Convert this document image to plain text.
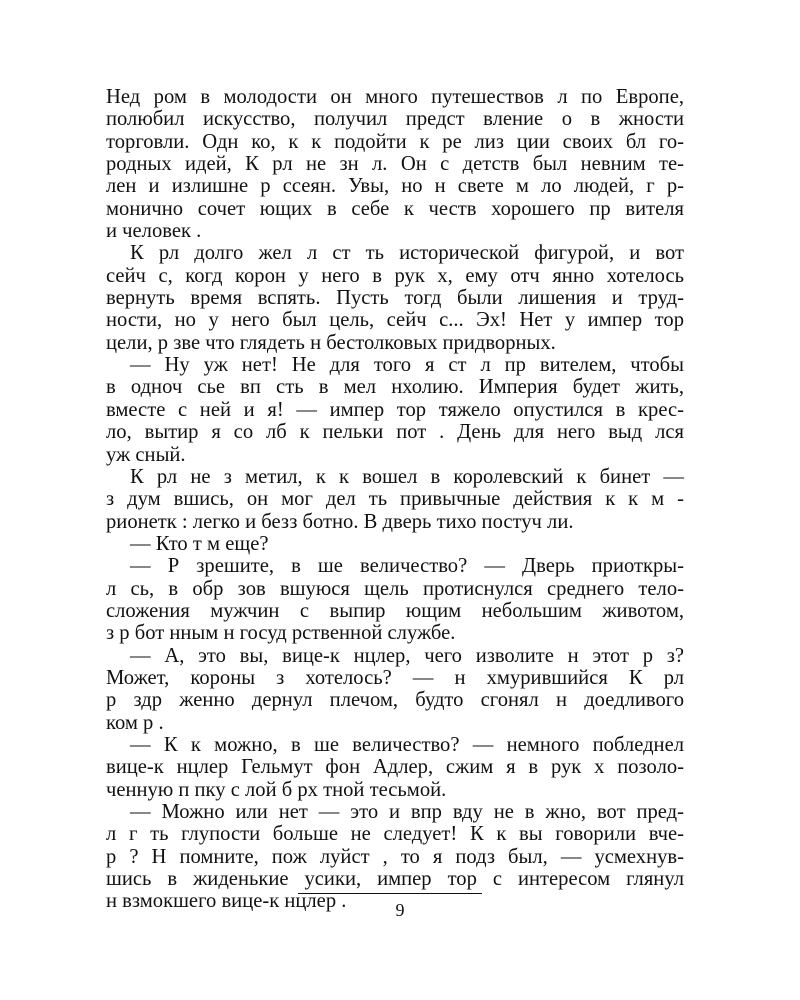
Нед ром в молодости он много путешествов л по Европе,
полюбил искусство, получил предст вление о в жности
торговли. Одн ко, к к подойти к ре лиз ции своих бл го-
родных идей, К рл не зн л. Он с детств был невним те-
лен и излишне р ссеян. Увы, но н свете м ло людей, г р-
монично сочет ющих в себе к честв хорошего пр вителя
и человек .
К рл долго жел л ст ть исторической фигурой, и вот
сейч с, когд корон у него в рук х, ему отч янно хотелось
вернуть время вспять. Пусть тогд были лишения и труд-
ности, но у него был цель, сейч с... Эх! Нет у импер тор
цели, р зве что глядеть н бестолковых придворных.
— Ну уж нет! Не для того я ст л пр вителем, чтобы
в одноч сье вп сть в мел нхолию. Империя будет жить,
вместе с ней и я! — импер тор тяжело опустился в крес-
ло, вытир я со лб к пельки пот . День для него выд лся
уж сный.
К рл не з метил, к к вошел в королевский к бинет —
з дум вшись, он мог дел ть привычные действия к к м -
рионетк : легко и безз ботно. В дверь тихо постуч ли.
— Кто т м еще?
— Р зрешите, в ше величество? — Дверь приоткры-
л сь, в обр зов вшуюся щель протиснулся среднего тело-
сложения мужчин с выпир ющим небольшим животом,
з р бот нным н госуд рственной службе.
— А, это вы, вице-к нцлер, чего изволите н этот р з?
Может, короны з хотелось? — н хмурившийся К рл
р здр женно дернул плечом, будто сгонял н доедливого
ком р .
— К к можно, в ше величество? — немного побледнел
вице-к нцлер Гельмут фон Адлер, сжим я в рук х позоло-
ченную п пку с лой б рх тной тесьмой.
— Можно или нет — это и впр вду не в жно, вот пред-
л г ть глупости больше не следует! К к вы говорили вче-
р ? Н помните, пож луйст , то я подз был, — усмехнув-
шись в жиденькие усики, импер тор с интересом глянул
н взмокшего вице-к нцлер .	9
